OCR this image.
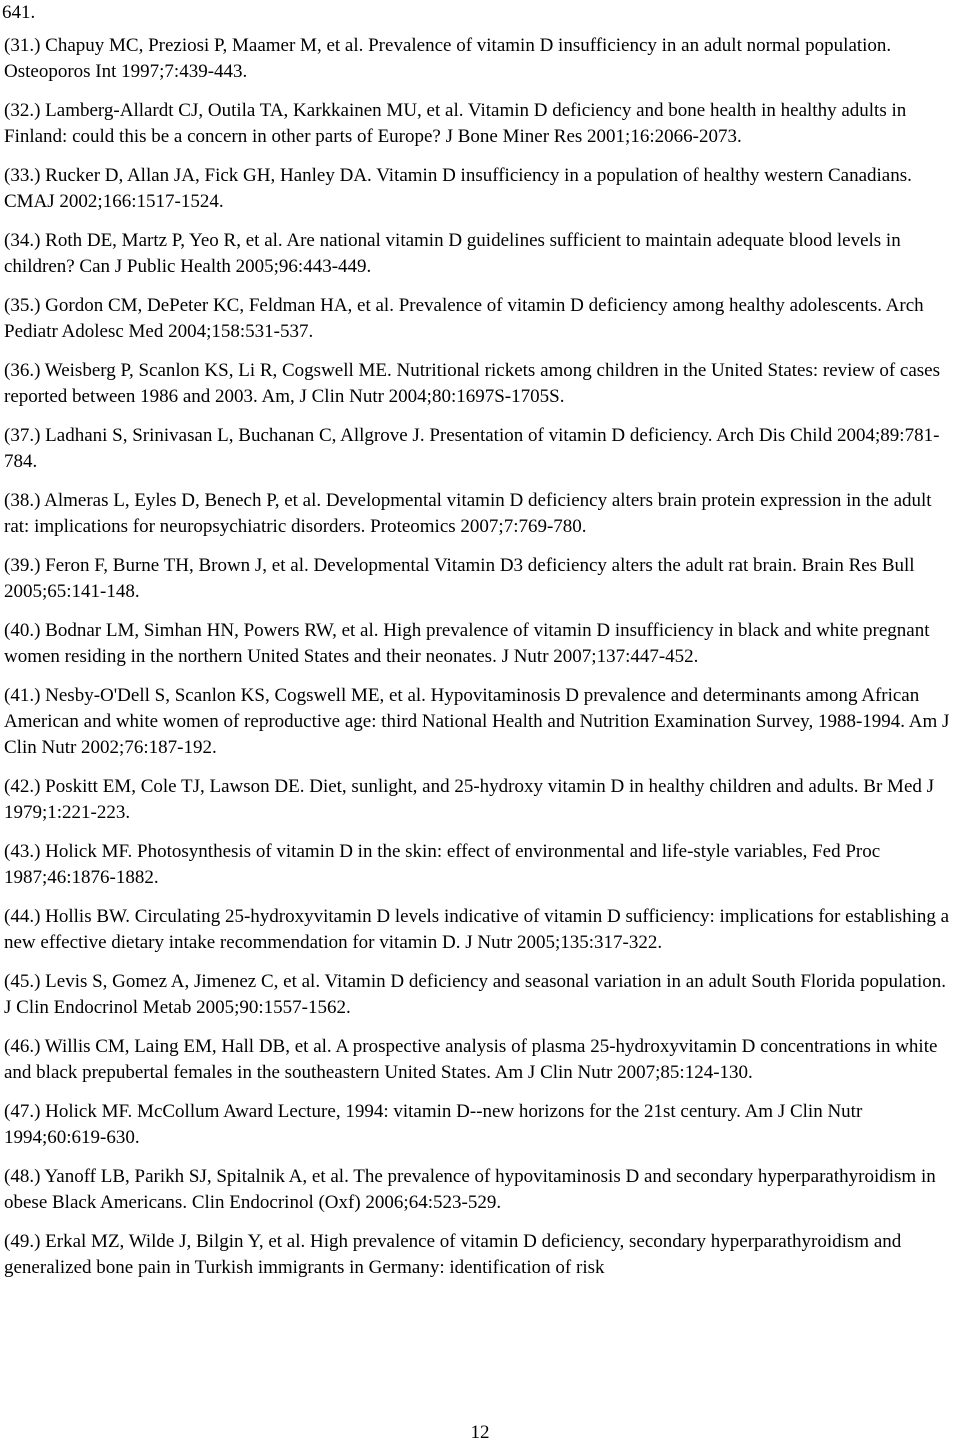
641.
(31.) Chapuy MC, Preziosi P, Maamer M, et al. Prevalence of vitamin D insufficiency in an adult normal population. Osteoporos Int 1997;7:439-443.
(32.) Lamberg-Allardt CJ, Outila TA, Karkkainen MU, et al. Vitamin D deficiency and bone health in healthy adults in Finland: could this be a concern in other parts of Europe? J Bone Miner Res 2001;16:2066-2073.
(33.) Rucker D, Allan JA, Fick GH, Hanley DA. Vitamin D insufficiency in a population of healthy western Canadians. CMAJ 2002;166:1517-1524.
(34.) Roth DE, Martz P, Yeo R, et al. Are national vitamin D guidelines sufficient to maintain adequate blood levels in children? Can J Public Health 2005;96:443-449.
(35.) Gordon CM, DePeter KC, Feldman HA, et al. Prevalence of vitamin D deficiency among healthy adolescents. Arch Pediatr Adolesc Med 2004;158:531-537.
(36.) Weisberg P, Scanlon KS, Li R, Cogswell ME. Nutritional rickets among children in the United States: review of cases reported between 1986 and 2003. Am, J Clin Nutr 2004;80:1697S-1705S.
(37.) Ladhani S, Srinivasan L, Buchanan C, Allgrove J. Presentation of vitamin D deficiency. Arch Dis Child 2004;89:781-784.
(38.) Almeras L, Eyles D, Benech P, et al. Developmental vitamin D deficiency alters brain protein expression in the adult rat: implications for neuropsychiatric disorders. Proteomics 2007;7:769-780.
(39.) Feron F, Burne TH, Brown J, et al. Developmental Vitamin D3 deficiency alters the adult rat brain. Brain Res Bull 2005;65:141-148.
(40.) Bodnar LM, Simhan HN, Powers RW, et al. High prevalence of vitamin D insufficiency in black and white pregnant women residing in the northern United States and their neonates. J Nutr 2007;137:447-452.
(41.) Nesby-O'Dell S, Scanlon KS, Cogswell ME, et al. Hypovitaminosis D prevalence and determinants among African American and white women of reproductive age: third National Health and Nutrition Examination Survey, 1988-1994. Am J Clin Nutr 2002;76:187-192.
(42.) Poskitt EM, Cole TJ, Lawson DE. Diet, sunlight, and 25-hydroxy vitamin D in healthy children and adults. Br Med J 1979;1:221-223.
(43.) Holick MF. Photosynthesis of vitamin D in the skin: effect of environmental and life-style variables, Fed Proc 1987;46:1876-1882.
(44.) Hollis BW. Circulating 25-hydroxyvitamin D levels indicative of vitamin D sufficiency: implications for establishing a new effective dietary intake recommendation for vitamin D. J Nutr 2005;135:317-322.
(45.) Levis S, Gomez A, Jimenez C, et al. Vitamin D deficiency and seasonal variation in an adult South Florida population. J Clin Endocrinol Metab 2005;90:1557-1562.
(46.) Willis CM, Laing EM, Hall DB, et al. A prospective analysis of plasma 25-hydroxyvitamin D concentrations in white and black prepubertal females in the southeastern United States. Am J Clin Nutr 2007;85:124-130.
(47.) Holick MF. McCollum Award Lecture, 1994: vitamin D--new horizons for the 21st century. Am J Clin Nutr 1994;60:619-630.
(48.) Yanoff LB, Parikh SJ, Spitalnik A, et al. The prevalence of hypovitaminosis D and secondary hyperparathyroidism in obese Black Americans. Clin Endocrinol (Oxf) 2006;64:523-529.
(49.) Erkal MZ, Wilde J, Bilgin Y, et al. High prevalence of vitamin D deficiency, secondary hyperparathyroidism and generalized bone pain in Turkish immigrants in Germany: identification of risk
12
